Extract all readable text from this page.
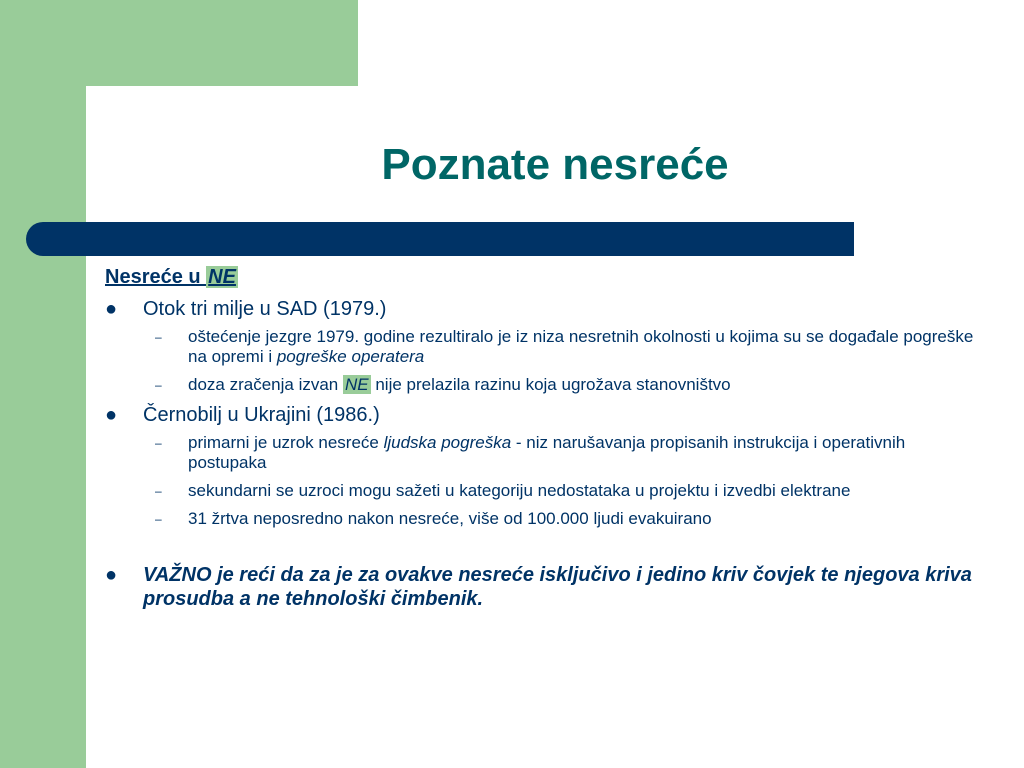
Poznate nesreće
Nesreće u NE
● Otok tri milje u SAD (1979.)
– oštećenje jezgre 1979. godine rezultiralo je iz niza nesretnih okolnosti u kojima su se događale pogreške na opremi i pogreške operatera
– doza zračenja izvan NE nije prelazila razinu koja ugrožava stanovništvo
● Černobilj u Ukrajini (1986.)
– primarni je uzrok nesreće ljudska pogreška - niz narušavanja propisanih instrukcija i operativnih postupaka
– sekundarni se uzroci mogu sažeti u kategoriju nedostataka u projektu i izvedbi elektrane
– 31 žrtva neposredno nakon nesreće, više od 100.000 ljudi evakuirano
● VAŽNO je reći da za je za ovakve nesreće isključivo i jedino kriv čovjek te njegova kriva prosudba a ne tehnološki čimbenik.
